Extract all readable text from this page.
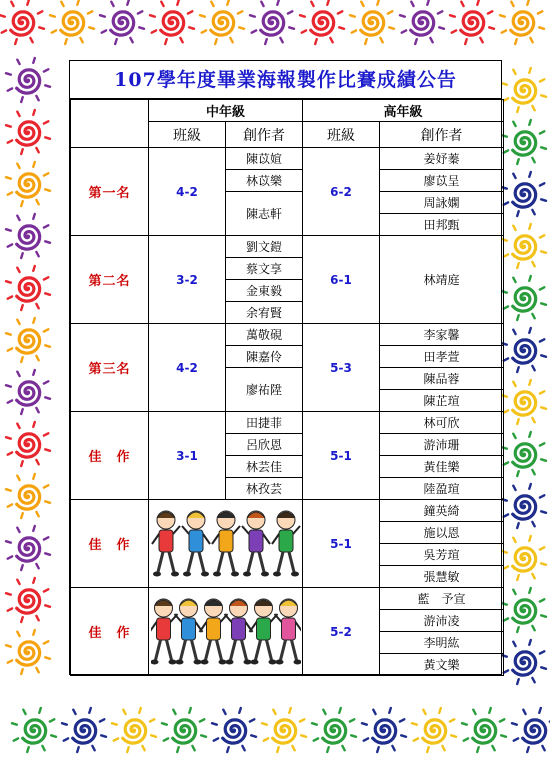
107學年度畢業海報製作比賽成績公告
	中年級		高年級	
	班級	創作者	班級	創作者
第一名	4-2	陳苡媗	6-2	姜妤蓁
		林苡樂		廖苡呈
		陳志軒		周詠嫻
				田邦甄
第二名	3-2	劉文鎧	6-1	林靖庭
		蔡文享		
		金東毅		
		余宥賢		
第三名	4-2	萬敬硯	5-3	李家馨
		陳嘉伶		田孝萱
		廖祐陞		陳品蓉
				陳芷瑄
佳　作	3-1	田捷菲	5-1	林可欣
		呂欣恩		游沛珊
		林芸佳		黃佳樂
		林孜芸		陸盈瑄
佳　作			5-1	鐘英綺
				施以恩
				吳芳瑄
				張慧敏
佳　作			5-2	藍　予宣
				游沛凌
				李明紘
				黃文樂
